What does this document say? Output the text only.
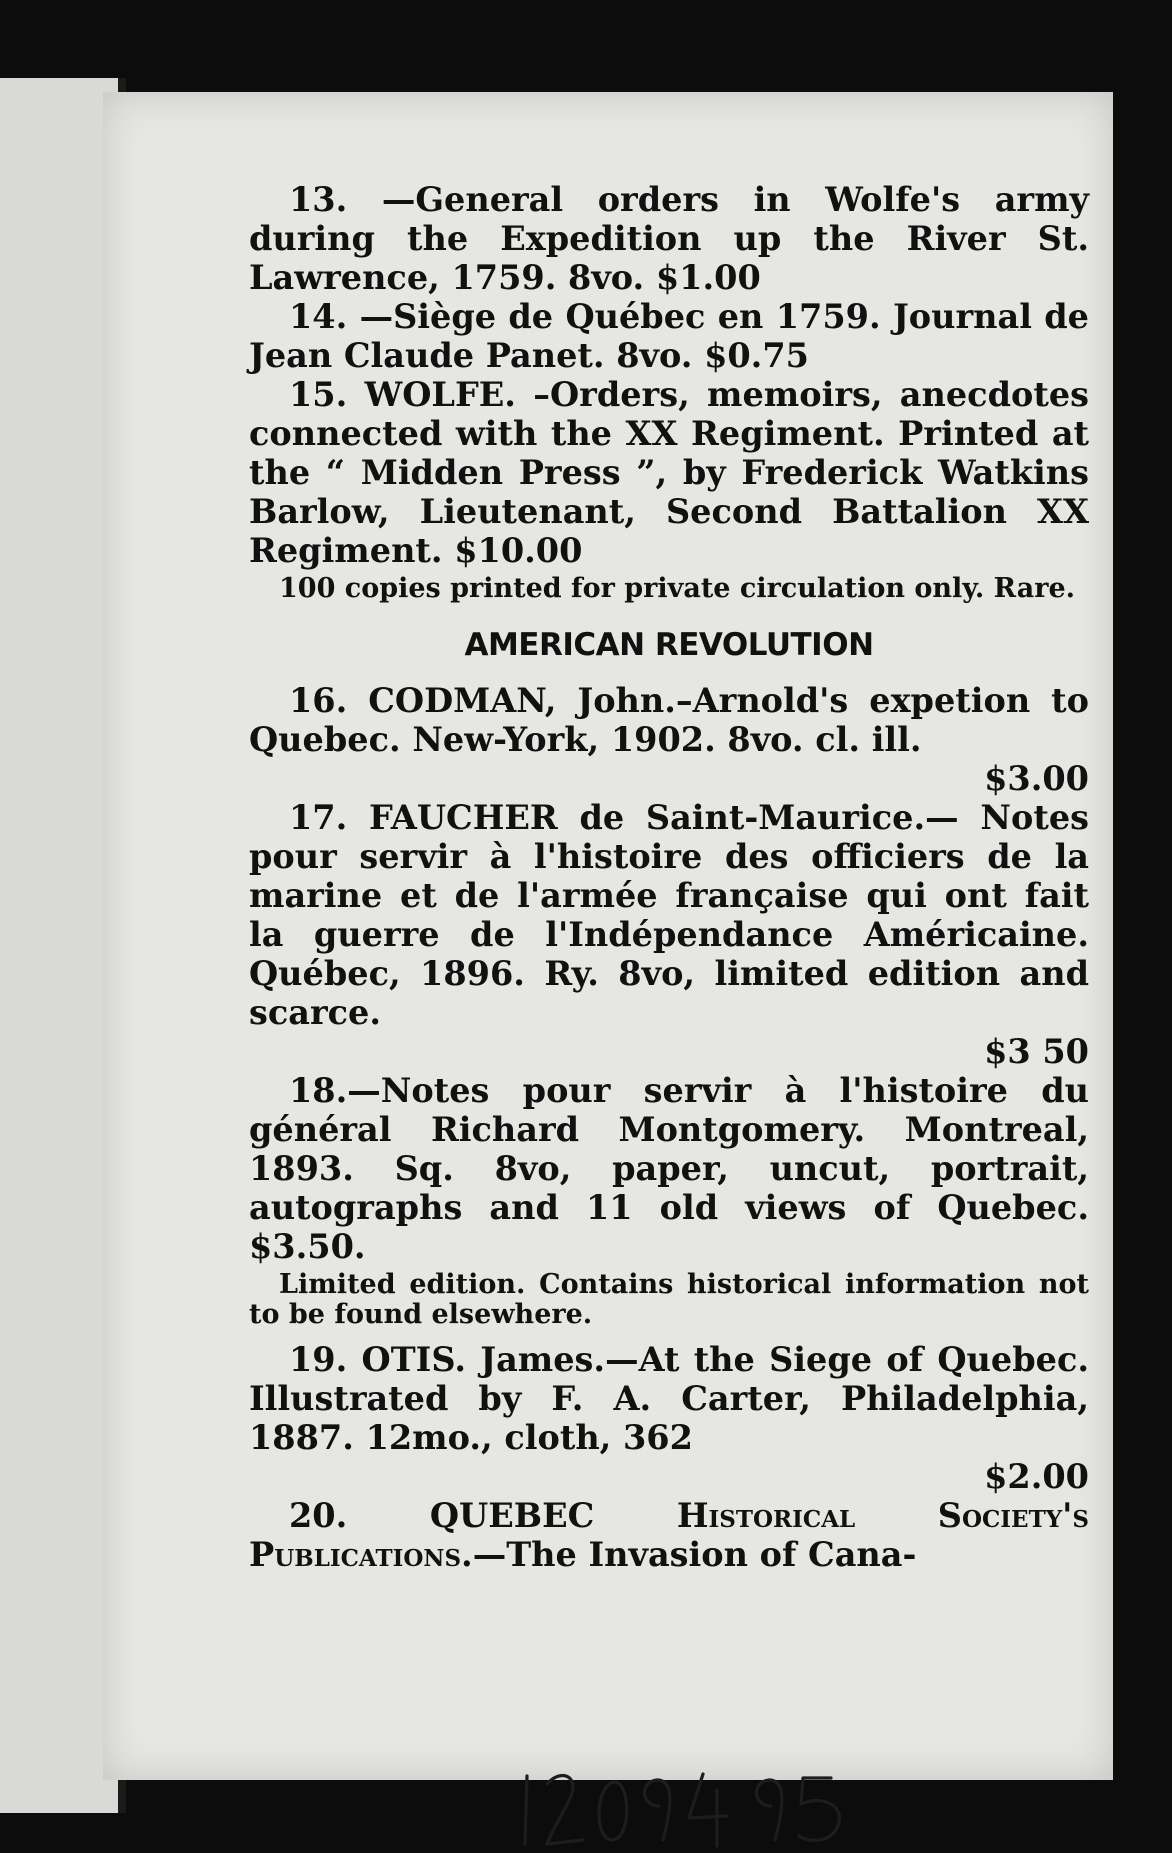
13. —General orders in Wolfe's army during the Expedition up the River St. Lawrence, 1759. 8vo. $1.00
14. —Siège de Québec en 1759. Journal de Jean Claude Panet. 8vo. $0.75
15. WOLFE. –Orders, memoirs, anecdotes connected with the XX Regiment. Printed at the “ Midden Press ”, by Frederick Watkins Barlow, Lieutenant, Second Battalion XX Regiment. $10.00
100 copies printed for private circulation only. Rare.
AMERICAN REVOLUTION
16. CODMAN, John.–Arnold's expetion to Quebec. New-York, 1902. 8vo. cl. ill.
$3.00
17. FAUCHER de Saint-Maurice.— Notes pour servir à l'histoire des officiers de la marine et de l'armée française qui ont fait la guerre de l'Indépendance Américaine. Québec, 1896. Ry. 8vo, limited edition and scarce.
$3 50
18.—Notes pour servir à l'histoire du général Richard Montgomery. Montreal, 1893. Sq. 8vo, paper, uncut, portrait, autographs and 11 old views of Quebec. $3.50.
Limited edition. Contains historical information not to be found elsewhere.
19. OTIS. James.—At the Siege of Quebec. Illustrated by F. A. Carter, Philadelphia, 1887. 12mo., cloth, 362
$2.00
20. QUEBEC Historical Society's Publications.—The Invasion of Cana-
